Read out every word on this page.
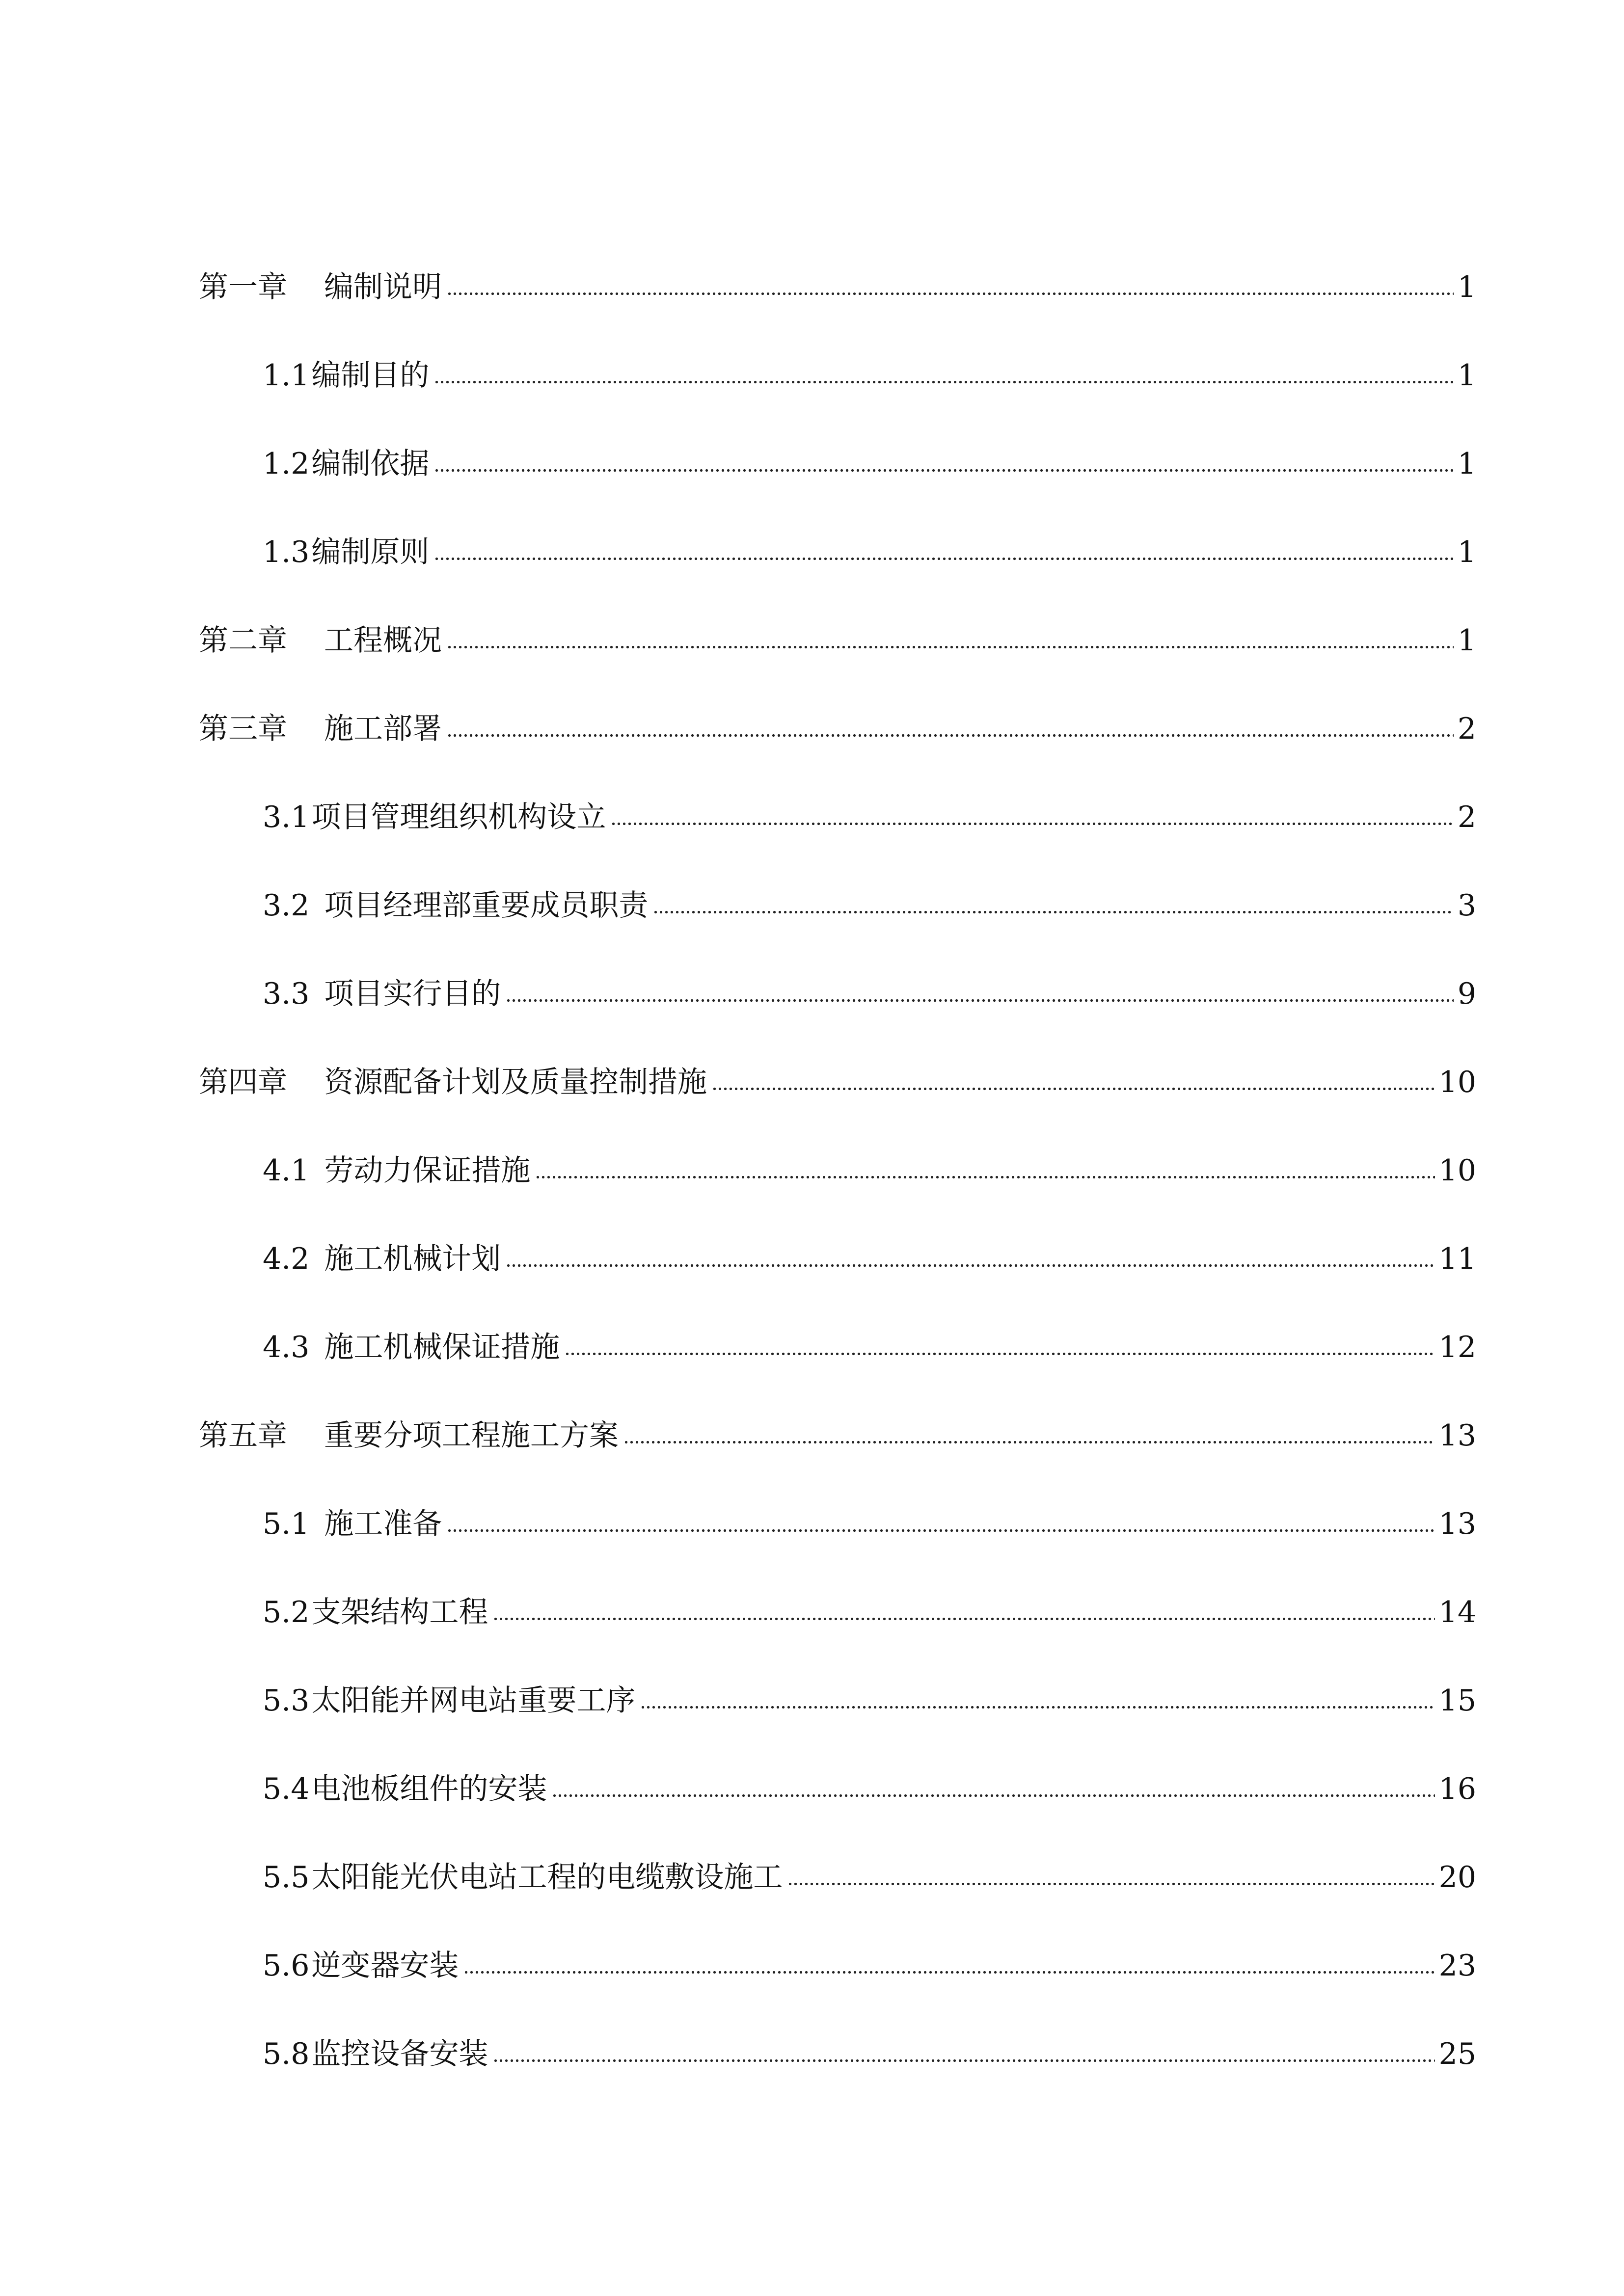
第一章 编制说明	1
1.1 编制目的	1
1.2 编制依据	1
1.3 编制原则	1
第二章 工程概况	1
第三章 施工部署	2
3.1 项目管理组织机构设立	2
3.2 项目经理部重要成员职责	3
3.3 项目实行目的	9
第四章 资源配备计划及质量控制措施	10
4.1 劳动力保证措施	10
4.2 施工机械计划	11
4.3 施工机械保证措施	12
第五章 重要分项工程施工方案	13
5.1 施工准备	13
5.2 支架结构工程	14
5.3 太阳能并网电站重要工序	15
5.4 电池板组件的安装	16
5.5 太阳能光伏电站工程的电缆敷设施工	20
5.6 逆变器安装	23
5.8 监控设备安装	25
